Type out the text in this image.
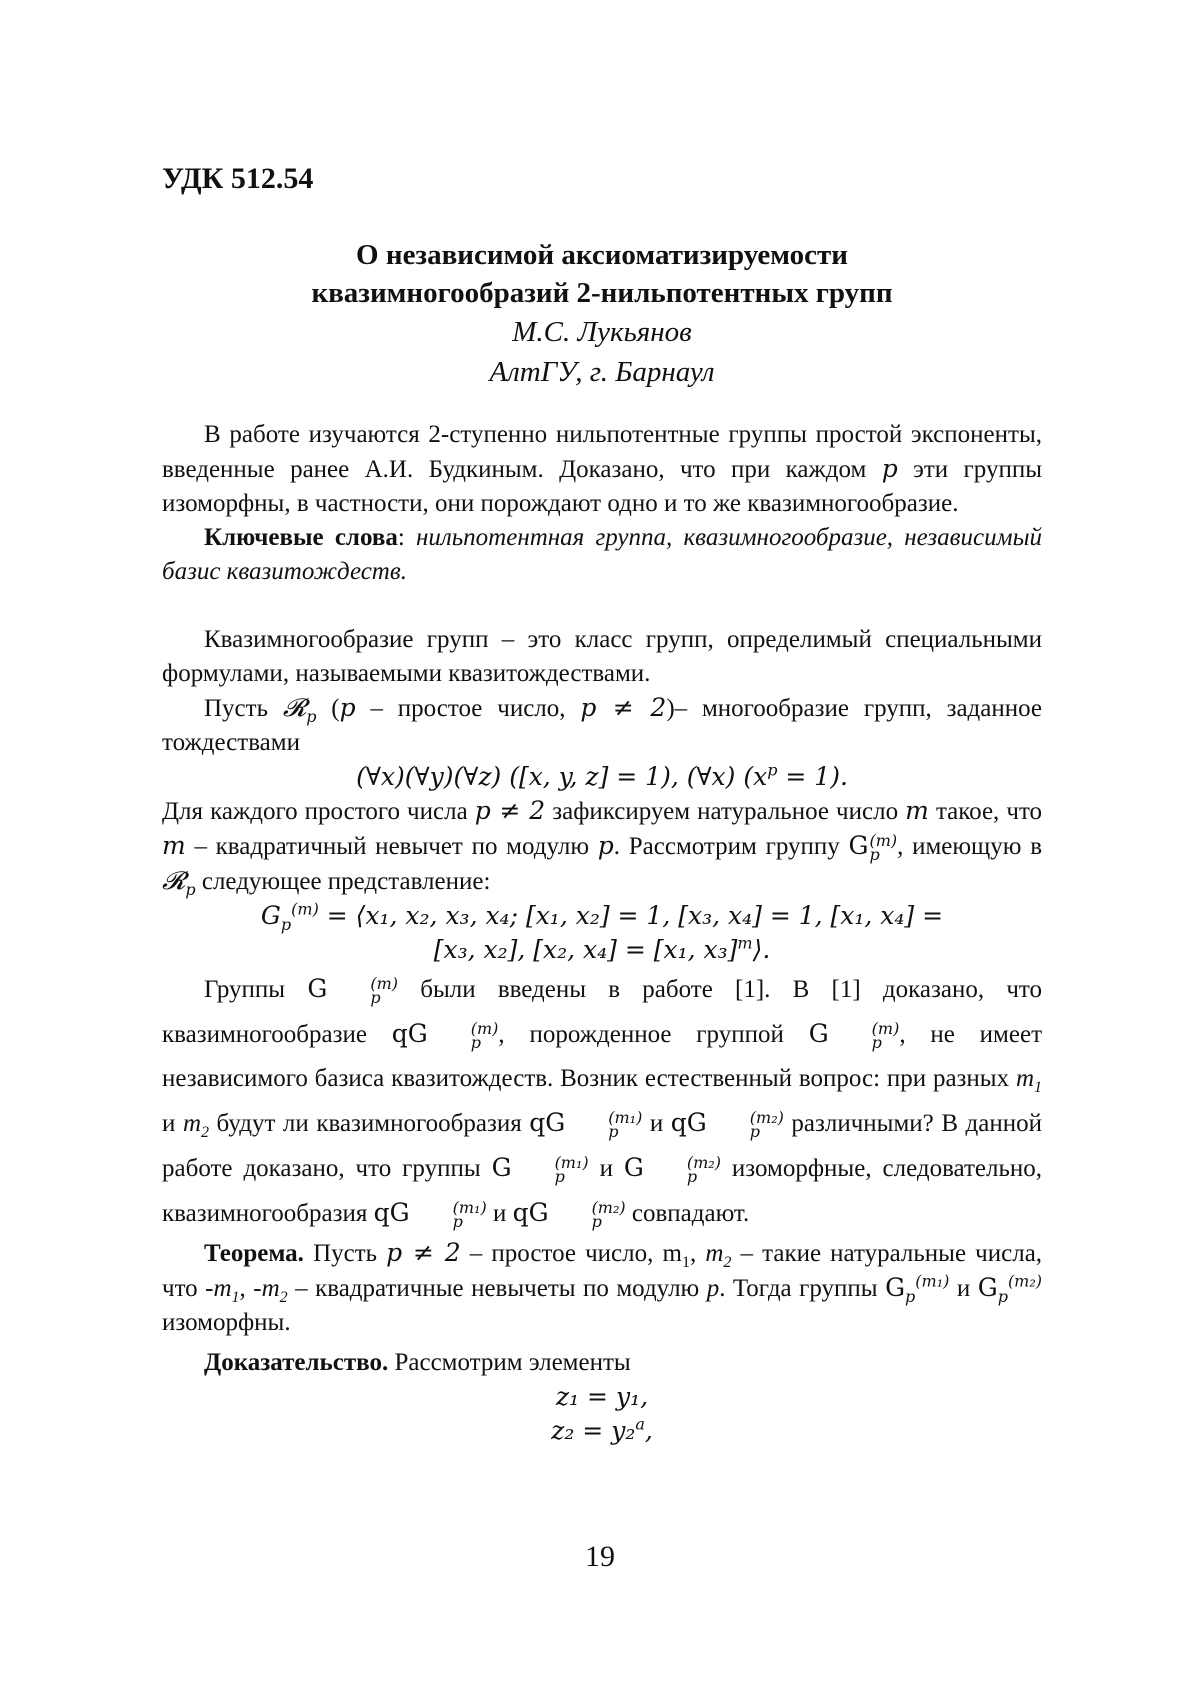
УДК 512.54
О независимой аксиоматизируемости
квазимногообразий 2-нильпотентных групп
М.С. Лукьянов
АлтГУ, г. Барнаул

В работе изучаются 2-ступенно нильпотентные группы простой экспоненты, введенные ранее А.И. Будкиным. Доказано, что при каждом p эти группы изоморфны, в частности, они порождают одно и то же квазимногообразие.

Ключевые слова: нильпотентная группа, квазимногообразие, независимый базис квазитождеств.

Квазимногообразие групп – это класс групп, определимый специальными формулами, называемыми квазитождествами.

Пусть 𝓡$_p$ (p – простое число, p ≠ 2)– многообразие групп, заданное тождествами

(∀x)(∀y)(∀z) ([x, y, z] = 1), (∀x) $(x^p = 1)$.

Для каждого простого числа p ≠ 2 зафиксируем натуральное число m такое, что m – квадратичный невычет по модулю p. Рассмотрим группу G (m)
p , имеющую в 𝓡$_p$ следующее представление:

$G_p^{(m)}$ = ⟨x₁, x₂, x₃, x₄; [x₁, x₂] = 1, [x₃, x₄] = 1, [x₁, x₄] =

[x₃, x₂], [x₂, x₄] = [x₁, x₃]$^m$⟩.

Группы G	(m)
p	были введены в работе [1]. В [1] доказано, что квазимногообразие qG	(m)
p , порожденное группой G	(m)
p , не имеет независимого базиса квазитождеств. Возник естественный вопрос: при разных $m_1$ и $m_2$ будут ли квазимногообразия qG	(m₁)
p	и qG	(m₂)
p	различными? В данной работе доказано, что группы G	(m₁)
p	и G	(m₂)
p	изоморфные, следовательно, квазимногообразия qG	(m₁)
p	и qG	(m₂)
p	совпадают.

Теорема. Пусть p ≠ 2 – простое число, $m_1$, $m_2$ – такие натуральные числа, что $-m_1$, $-m_2$ – квадратичные невычеты по модулю p. Тогда группы $G_p^{(m_1)}$ и $G_p^{(m_2)}$ изоморфны.

Доказательство. Рассмотрим элементы

z₁ = y₁,

z₂ = y₂$^a$,

19
